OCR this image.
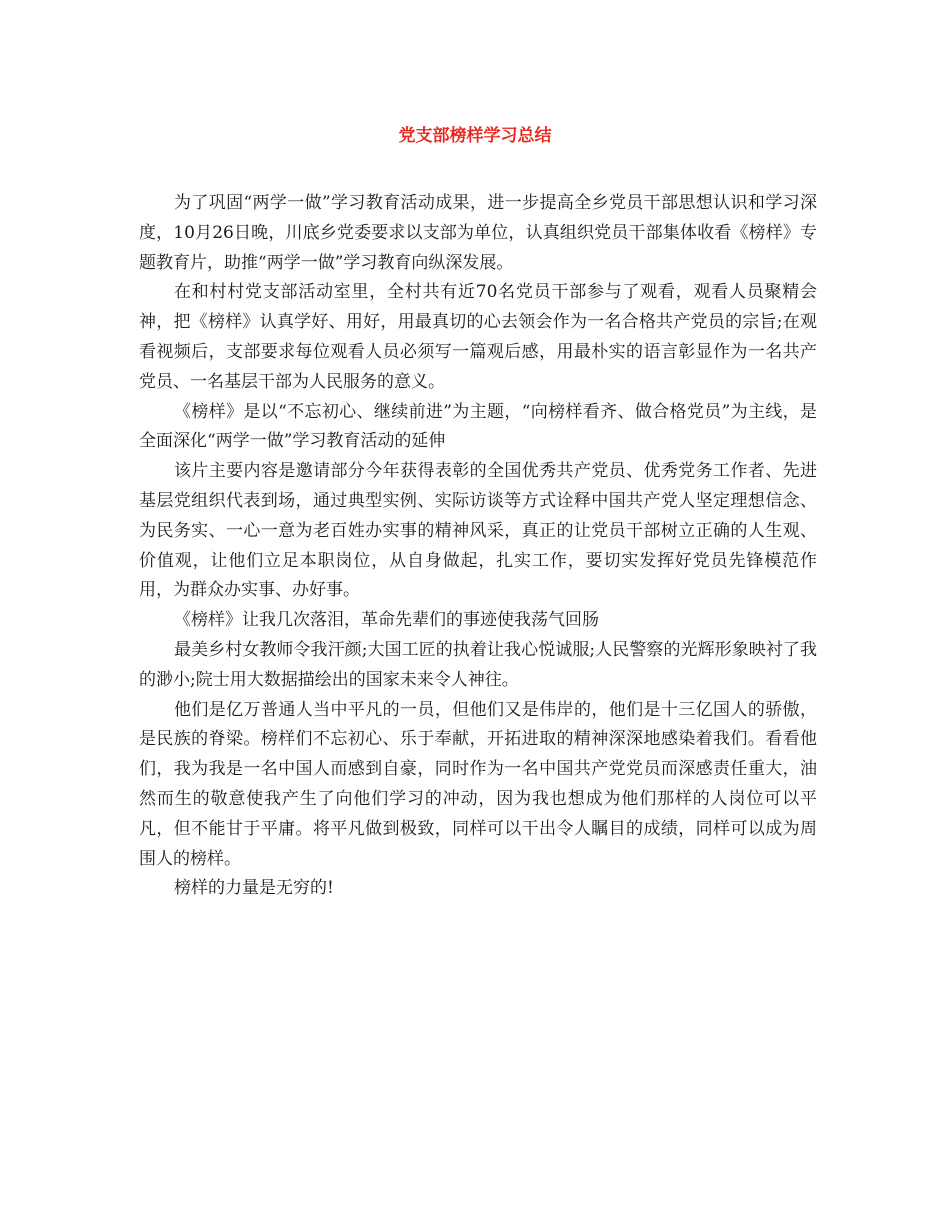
党支部榜样学习总结

为了巩固“两学一做”学习教育活动成果，进一步提高全乡党员干部思想认识和学习深度，10月26日晚，川底乡党委要求以支部为单位，认真组织党员干部集体收看《榜样》专题教育片，助推“两学一做”学习教育向纵深发展。

在和村村党支部活动室里，全村共有近70名党员干部参与了观看，观看人员聚精会神，把《榜样》认真学好、用好，用最真切的心去领会作为一名合格共产党员的宗旨;在观看视频后，支部要求每位观看人员必须写一篇观后感，用最朴实的语言彰显作为一名共产党员、一名基层干部为人民服务的意义。

《榜样》是以“不忘初心、继续前进”为主题，“向榜样看齐、做合格党员”为主线，是全面深化“两学一做”学习教育活动的延伸

该片主要内容是邀请部分今年获得表彰的全国优秀共产党员、优秀党务工作者、先进基层党组织代表到场，通过典型实例、实际访谈等方式诠释中国共产党人坚定理想信念、为民务实、一心一意为老百姓办实事的精神风采，真正的让党员干部树立正确的人生观、价值观，让他们立足本职岗位，从自身做起，扎实工作，要切实发挥好党员先锋模范作用，为群众办实事、办好事。

《榜样》让我几次落泪，革命先辈们的事迹使我荡气回肠

最美乡村女教师令我汗颜;大国工匠的执着让我心悦诚服;人民警察的光辉形象映衬了我的渺小;院士用大数据描绘出的国家未来令人神往。

他们是亿万普通人当中平凡的一员，但他们又是伟岸的，他们是十三亿国人的骄傲，是民族的脊梁。榜样们不忘初心、乐于奉献，开拓进取的精神深深地感染着我们。看看他们，我为我是一名中国人而感到自豪，同时作为一名中国共产党党员而深感责任重大，油然而生的敬意使我产生了向他们学习的冲动，因为我也想成为他们那样的人岗位可以平凡，但不能甘于平庸。将平凡做到极致，同样可以干出令人瞩目的成绩，同样可以成为周围人的榜样。

榜样的力量是无穷的!
